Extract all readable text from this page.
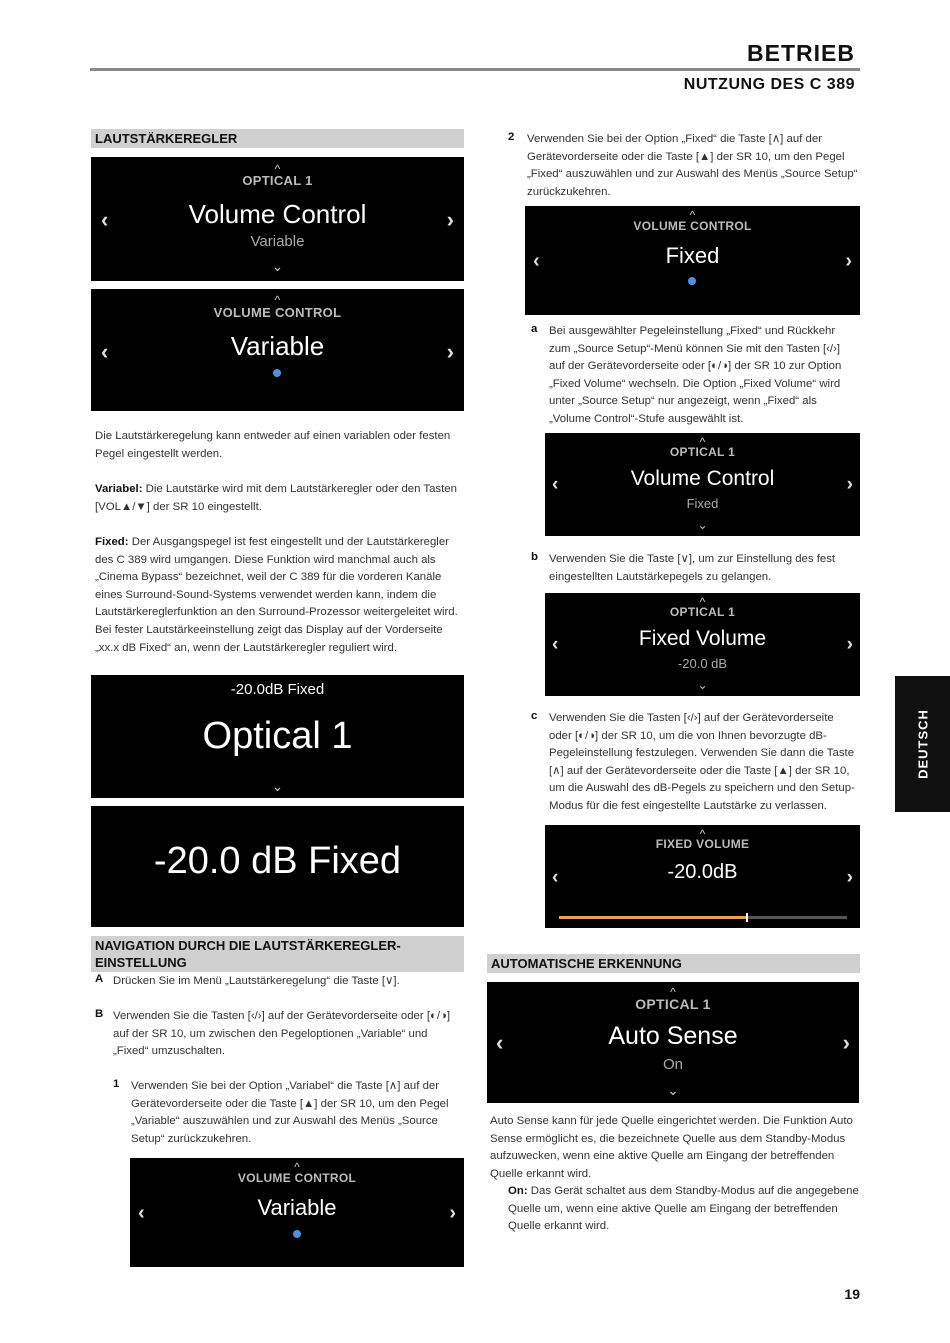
BETRIEB
NUTZUNG DES C 389
LAUTSTÄRKEREGLER
^
OPTICAL 1
Volume Control
Variable
⌄
‹	›
^
VOLUME CONTROL
Variable
‹	›
Die Lautstärkeregelung kann entweder auf einen variablen oder festen Pegel eingestellt werden.
Variabel: Die Lautstärke wird mit dem Lautstärkeregler oder den Tasten [VOL▲/▼] der SR 10 eingestellt.
Fixed: Der Ausgangspegel ist fest eingestellt und der Lautstärkeregler des C 389 wird umgangen. Diese Funktion wird manchmal auch als „Cinema Bypass“ bezeichnet, weil der C 389 für die vorderen Kanäle eines Surround-Sound-Systems verwendet werden kann, indem die Lautstärkereglerfunktion an den Surround-Prozessor weitergeleitet wird. Bei fester Lautstärkeeinstellung zeigt das Display auf der Vorderseite „xx.x dB Fixed“ an, wenn der Lautstärkeregler reguliert wird.
-20.0dB Fixed
Optical 1
⌄
-20.0 dB Fixed
NAVIGATION DURCH DIE LAUTSTÄRKEREGLER-EINSTELLUNG
A Drücken Sie im Menü „Lautstärkeregelung“ die Taste [∨].
B Verwenden Sie die Tasten [‹/›] auf der Gerätevorderseite oder [◐/◑] auf der SR 10, um zwischen den Pegeloptionen „Variable“ und „Fixed“ umzuschalten.
1 Verwenden Sie bei der Option „Variabel“ die Taste [∧] auf der Gerätevorderseite oder die Taste [▲] der SR 10, um den Pegel „Variable“ auszuwählen und zur Auswahl des Menüs „Source Setup“ zurückzukehren.
^
VOLUME CONTROL
Variable
‹	›
2 Verwenden Sie bei der Option „Fixed“ die Taste [∧] auf der Gerätevorderseite oder die Taste [▲] der SR 10, um den Pegel „Fixed“ auszuwählen und zur Auswahl des Menüs „Source Setup“ zurückzukehren.
^
VOLUME CONTROL
Fixed
‹	›
a Bei ausgewählter Pegeleinstellung „Fixed“ und Rückkehr zum „Source Setup“-Menü können Sie mit den Tasten [‹/›] auf der Gerätevorderseite oder [◐/◑] der SR 10 zur Option „Fixed Volume“ wechseln. Die Option „Fixed Volume“ wird unter „Source Setup“ nur angezeigt, wenn „Fixed“ als „Volume Control“-Stufe ausgewählt ist.
^
OPTICAL 1
Volume Control
Fixed
⌄
‹	›
b Verwenden Sie die Taste [∨], um zur Einstellung des fest eingestellten Lautstärkepegels zu gelangen.
^
OPTICAL 1
Fixed Volume
-20.0 dB
⌄
‹	›
c Verwenden Sie die Tasten [‹/›] auf der Gerätevorderseite oder [◐/◑] der SR 10, um die von Ihnen bevorzugte dB-Pegeleinstellung festzulegen. Verwenden Sie dann die Taste [∧] auf der Gerätevorderseite oder die Taste [▲] der SR 10, um die Auswahl des dB-Pegels zu speichern und den Setup-Modus für die fest eingestellte Lautstärke zu verlassen.
^
FIXED VOLUME
-20.0dB
‹	›
AUTOMATISCHE ERKENNUNG
^
OPTICAL 1
Auto Sense
On
⌄
‹	›
Auto Sense kann für jede Quelle eingerichtet werden. Die Funktion Auto Sense ermöglicht es, die bezeichnete Quelle aus dem Standby-Modus aufzuwecken, wenn eine aktive Quelle am Eingang der betreffenden Quelle erkannt wird.
On: Das Gerät schaltet aus dem Standby-Modus auf die angegebene Quelle um, wenn eine aktive Quelle am Eingang der betreffenden Quelle erkannt wird.
DEUTSCH
19
